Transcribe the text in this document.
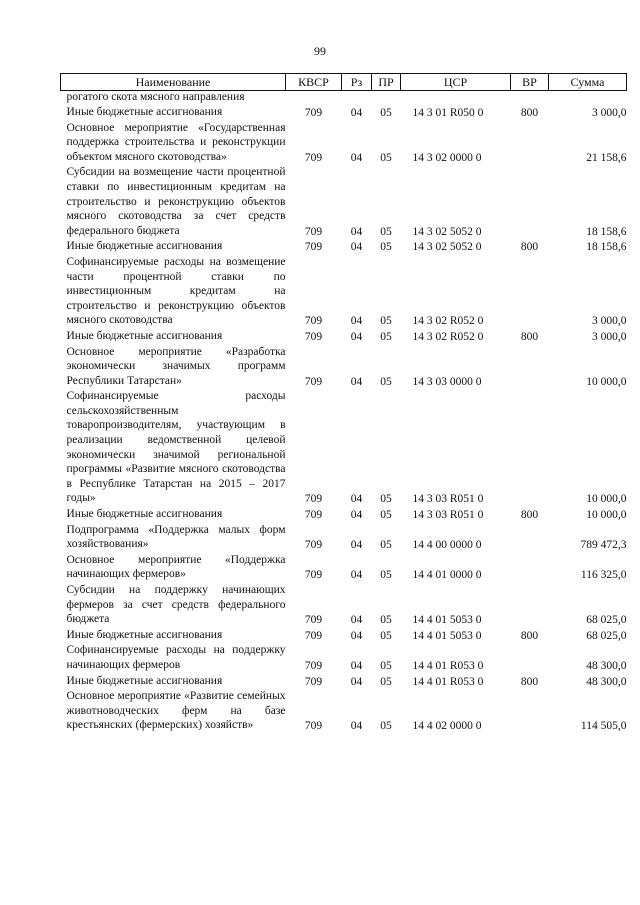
99
Наименование	КВСР	Рз	ПР	ЦСР	ВР	Сумма
рогатого скота мясного направления						
Иные бюджетные ассигнования	709	04	05	14 3 01 R050 0	800	3 000,0
Основное мероприятие «Государственная поддержка строительства и реконструкции объектом мясного скотоводства»	709	04	05	14 3 02 0000 0		21 158,6
Субсидии на возмещение части процентной ставки по инвестиционным кредитам на строительство и реконструкцию объектов мясного скотоводства за счет средств федерального бюджета	709	04	05	14 3 02 5052 0		18 158,6
Иные бюджетные ассигнования	709	04	05	14 3 02 5052 0	800	18 158,6
Софинансируемые расходы на возмещение части процентной ставки по инвестиционным кредитам на строительство и реконструкцию объектов мясного скотоводства	709	04	05	14 3 02 R052 0		3 000,0
Иные бюджетные ассигнования	709	04	05	14 3 02 R052 0	800	3 000,0
Основное мероприятие «Разработка экономически значимых программ Республики Татарстан»	709	04	05	14 3 03 0000 0		10 000,0
Софинансируемые расходы сельскохозяйственным товаропроизводителям, участвующим в реализации ведомственной целевой экономически значимой региональной программы «Развитие мясного скотоводства в Республике Татарстан на 2015 – 2017 годы»	709	04	05	14 3 03 R051 0		10 000,0
Иные бюджетные ассигнования	709	04	05	14 3 03 R051 0	800	10 000,0
Подпрограмма «Поддержка малых форм хозяйствования»	709	04	05	14 4 00 0000 0		789 472,3
Основное мероприятие «Поддержка начинающих фермеров»	709	04	05	14 4 01 0000 0		116 325,0
Субсидии на поддержку начинающих фермеров за счет средств федерального бюджета	709	04	05	14 4 01 5053 0		68 025,0
Иные бюджетные ассигнования	709	04	05	14 4 01 5053 0	800	68 025,0
Софинансируемые расходы на поддержку начинающих фермеров	709	04	05	14 4 01 R053 0		48 300,0
Иные бюджетные ассигнования	709	04	05	14 4 01 R053 0	800	48 300,0
Основное мероприятие «Развитие семейных животноводческих ферм на базе крестьянских (фермерских) хозяйств»	709	04	05	14 4 02 0000 0		114 505,0
